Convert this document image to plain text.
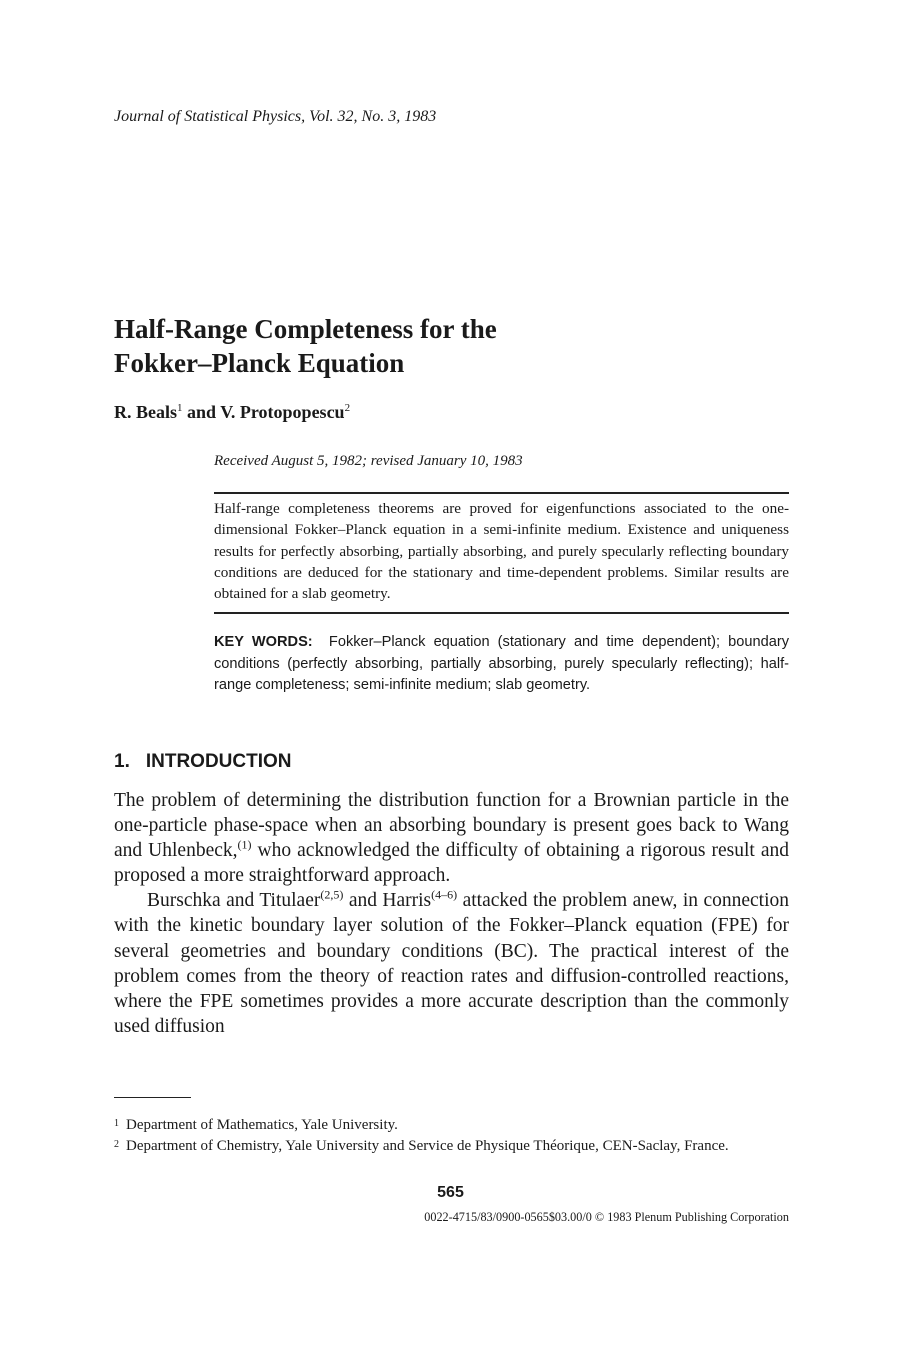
Journal of Statistical Physics, Vol. 32, No. 3, 1983
Half-Range Completeness for the
Fokker–Planck Equation
R. Beals$^1$ and V. Protopopescu$^2$
Received August 5, 1982; revised January 10, 1983
Half-range completeness theorems are proved for eigenfunctions associated to the one-dimensional Fokker–Planck equation in a semi-infinite medium. Existence and uniqueness results for perfectly absorbing, partially absorbing, and purely specularly reflecting boundary conditions are deduced for the stationary and time-dependent problems. Similar results are obtained for a slab geometry.
KEY WORDS: Fokker–Planck equation (stationary and time dependent); boundary conditions (perfectly absorbing, partially absorbing, purely specularly reflecting); half-range completeness; semi-infinite medium; slab geometry.
1. INTRODUCTION

The problem of determining the distribution function for a Brownian particle in the one-particle phase-space when an absorbing boundary is present goes back to Wang and Uhlenbeck,$^{(1)}$ who acknowledged the difficulty of obtaining a rigorous result and proposed a more straightforward approach.

Burschka and Titulaer$^{(2,5)}$ and Harris$^{(4-6)}$ attacked the problem anew, in connection with the kinetic boundary layer solution of the Fokker–Planck equation (FPE) for several geometries and boundary conditions (BC). The practical interest of the problem comes from the theory of reaction rates and diffusion-controlled reactions, where the FPE sometimes provides a more accurate description than the commonly used diffusion

1 Department of Mathematics, Yale University.
2 Department of Chemistry, Yale University and Service de Physique Théorique, CEN-Saclay, France.
565
0022-4715/83/0900-0565$03.00/0 © 1983 Plenum Publishing Corporation
